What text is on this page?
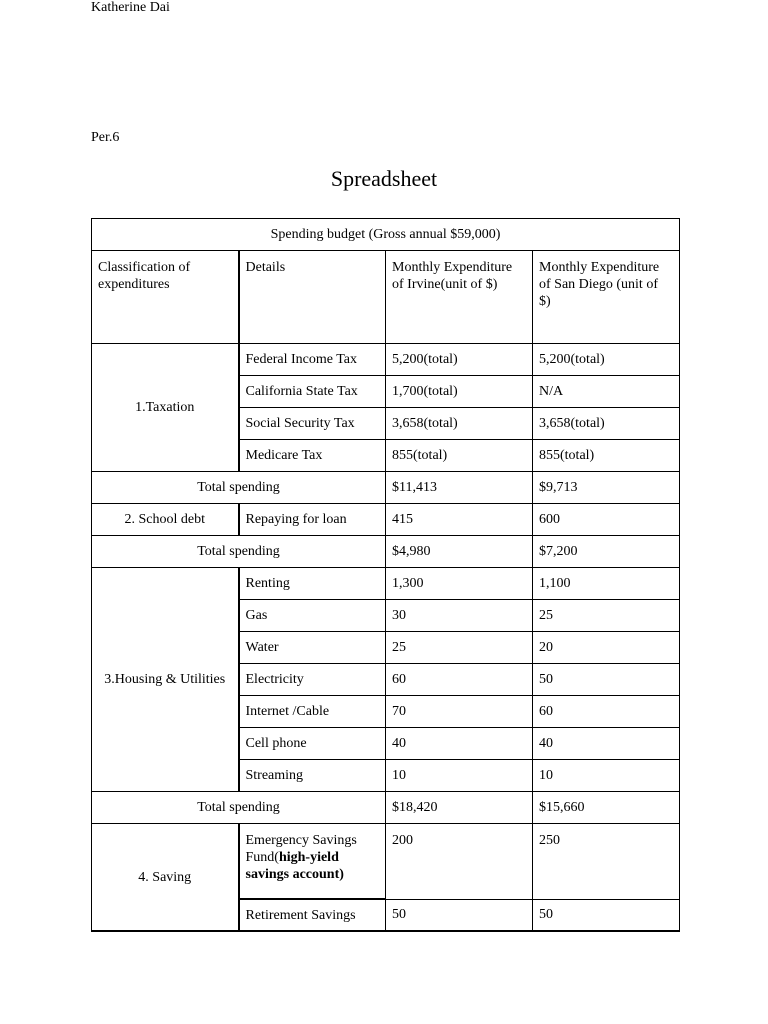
Katherine Dai
Per.6
Spreadsheet
Spending budget (Gross annual $59,000)			
Classification of expenditures	Details	Monthly Expenditure of Irvine(unit of $)	Monthly Expenditure of San Diego (unit of $)
1.Taxation	Federal Income Tax	5,200(total)	5,200(total)
	California State Tax	1,700(total)	N/A
	Social Security Tax	3,658(total)	3,658(total)
	Medicare Tax	855(total)	855(total)
Total spending		$11,413	$9,713
2. School debt	Repaying for loan	415	600
Total spending		$4,980	$7,200
3.Housing & Utilities	Renting	1,300	1,100
	Gas	30	25
	Water	25	20
	Electricity	60	50
	Internet /Cable	70	60
	Cell phone	40	40
	Streaming	10	10
Total spending		$18,420	$15,660
4. Saving	Emergency Savings Fund(high-yield savings account)	200	250
	Retirement Savings	50	50
